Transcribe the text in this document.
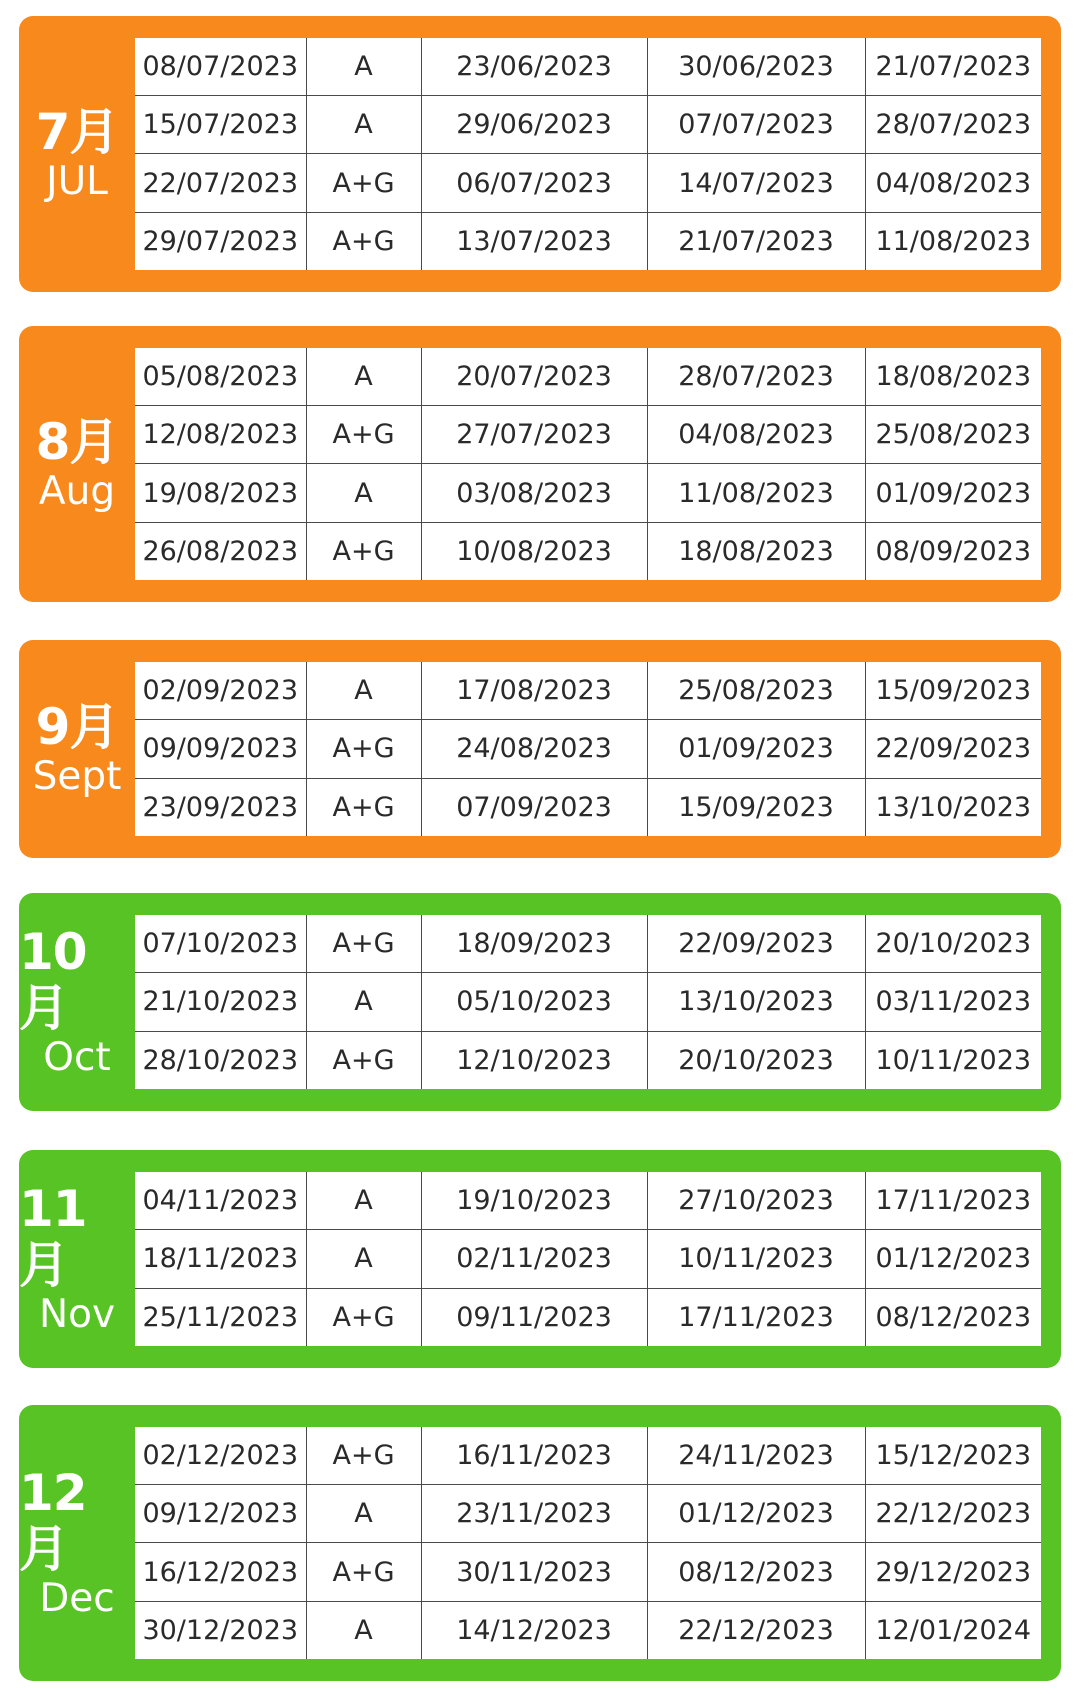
7月
JUL
08/07/2023	A	23/06/2023	30/06/2023	21/07/2023
15/07/2023	A	29/06/2023	07/07/2023	28/07/2023
22/07/2023	A+G	06/07/2023	14/07/2023	04/08/2023
29/07/2023	A+G	13/07/2023	21/07/2023	11/08/2023
8月
Aug
05/08/2023	A	20/07/2023	28/07/2023	18/08/2023
12/08/2023	A+G	27/07/2023	04/08/2023	25/08/2023
19/08/2023	A	03/08/2023	11/08/2023	01/09/2023
26/08/2023	A+G	10/08/2023	18/08/2023	08/09/2023
9月
Sept
02/09/2023	A	17/08/2023	25/08/2023	15/09/2023
09/09/2023	A+G	24/08/2023	01/09/2023	22/09/2023
23/09/2023	A+G	07/09/2023	15/09/2023	13/10/2023
10月
Oct
07/10/2023	A+G	18/09/2023	22/09/2023	20/10/2023
21/10/2023	A	05/10/2023	13/10/2023	03/11/2023
28/10/2023	A+G	12/10/2023	20/10/2023	10/11/2023
11月
Nov
04/11/2023	A	19/10/2023	27/10/2023	17/11/2023
18/11/2023	A	02/11/2023	10/11/2023	01/12/2023
25/11/2023	A+G	09/11/2023	17/11/2023	08/12/2023
12月
Dec
02/12/2023	A+G	16/11/2023	24/11/2023	15/12/2023
09/12/2023	A	23/11/2023	01/12/2023	22/12/2023
16/12/2023	A+G	30/11/2023	08/12/2023	29/12/2023
30/12/2023	A	14/12/2023	22/12/2023	12/01/2024
